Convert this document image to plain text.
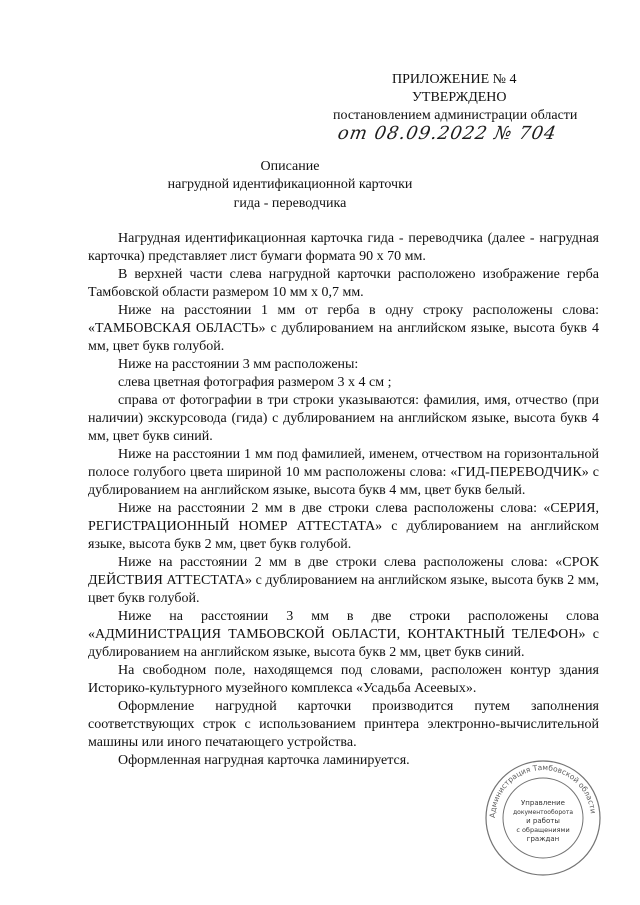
ПРИЛОЖЕНИЕ № 4
УТВЕРЖДЕНО
постановлением администрации области
от 08.09.2022 № 704
Описание
нагрудной идентификационной карточки
гида - переводчика

Нагрудная идентификационная карточка гида - переводчика (далее - нагрудная карточка) представляет лист бумаги формата 90 х 70 мм.

В верхней части слева нагрудной карточки расположено изображение герба Тамбовской области размером 10 мм х 0,7 мм.

Ниже на расстоянии 1 мм от герба в одну строку расположены слова: «ТАМБОВСКАЯ ОБЛАСТЬ» с дублированием на английском языке, высота букв 4 мм, цвет букв голубой.

Ниже на расстоянии 3 мм расположены:

слева цветная фотография размером 3 х 4 см ;

справа от фотографии в три строки указываются: фамилия, имя, отчество (при наличии) экскурсовода (гида) с дублированием на английском языке, высота букв 4 мм, цвет букв синий.

Ниже на расстоянии 1 мм под фамилией, именем, отчеством на горизонтальной полосе голубого цвета шириной 10 мм расположены слова: «ГИД-ПЕРЕВОДЧИК» с дублированием на английском языке, высота букв 4 мм, цвет букв белый.

Ниже на расстоянии 2 мм в две строки слева расположены слова: «СЕРИЯ, РЕГИСТРАЦИОННЫЙ НОМЕР АТТЕСТАТА» с дублированием на английском языке, высота букв 2 мм, цвет букв голубой.

Ниже на расстоянии 2 мм в две строки слева расположены слова: «СРОК ДЕЙСТВИЯ АТТЕСТАТА» с дублированием на английском языке, высота букв 2 мм, цвет букв голубой.

Ниже на расстоянии 3 мм в две строки расположены слова «АДМИНИСТРАЦИЯ ТАМБОВСКОЙ ОБЛАСТИ, КОНТАКТНЫЙ ТЕЛЕФОН» с дублированием на английском языке, высота букв 2 мм, цвет букв синий.

На свободном поле, находящемся под словами, расположен контур здания Историко-культурного музейного комплекса «Усадьба Асеевых».

Оформление нагрудной карточки производится путем заполнения соответствующих строк с использованием принтера электронно-вычислительной машины или иного печатающего устройства.

Оформленная нагрудная карточка ламинируется.

Администрация Тамбовской области
Управление
документооборота
и работы
с обращениями
граждан
